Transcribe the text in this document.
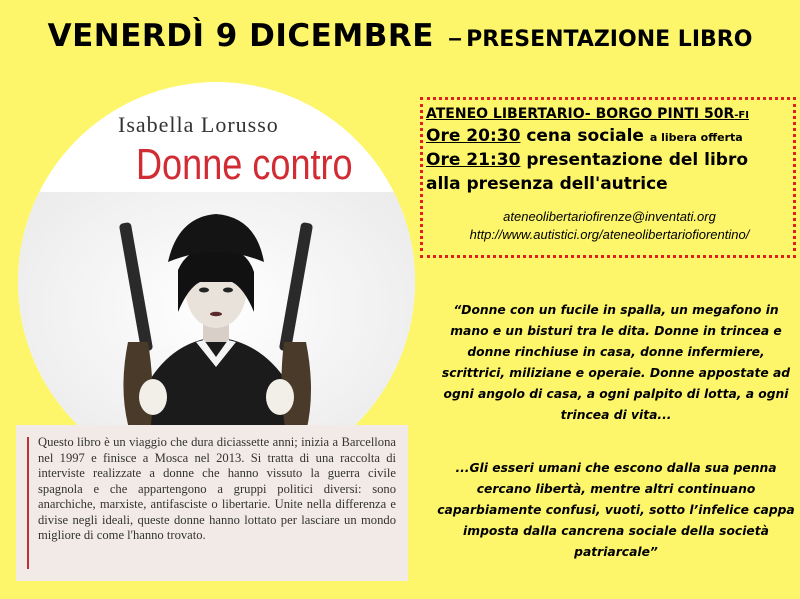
VENERDÌ 9 DICEMBRE – PRESENTAZIONE LIBRO
Isabella Lorusso
Donne contro

Questo libro è un viaggio che dura diciassette anni; inizia a Barcellona nel 1997 e finisce a Mosca nel 2013. Si tratta di una raccolta di interviste realizzate a donne che hanno vissuto la guerra civile spagnola e che appartengono a gruppi politici diversi: sono anarchiche, marxiste, antifasciste o libertarie. Unite nella differenza e divise negli ideali, queste donne hanno lottato per lasciare un mondo migliore di come l'hanno trovato.

ATENEO LIBERTARIO- BORGO PINTI 50R-FI
Ore 20:30 cena sociale a libera offerta
Ore 21:30 presentazione del libro
alla presenza dell'autrice
ateneolibertariofirenze@inventati.org
http://www.autistici.org/ateneolibertariofiorentino/
“Donne con un fucile in spalla, un megafono in mano e un bisturi tra le dita. Donne in trincea e donne rinchiuse in casa, donne infermiere, scrittrici, miliziane e operaie. Donne appostate ad ogni angolo di casa, a ogni palpito di lotta, a ogni trincea di vita...
...Gli esseri umani che escono dalla sua penna cercano libertà, mentre altri continuano caparbiamente confusi, vuoti, sotto l’infelice cappa imposta dalla cancrena sociale della società patriarcale”
